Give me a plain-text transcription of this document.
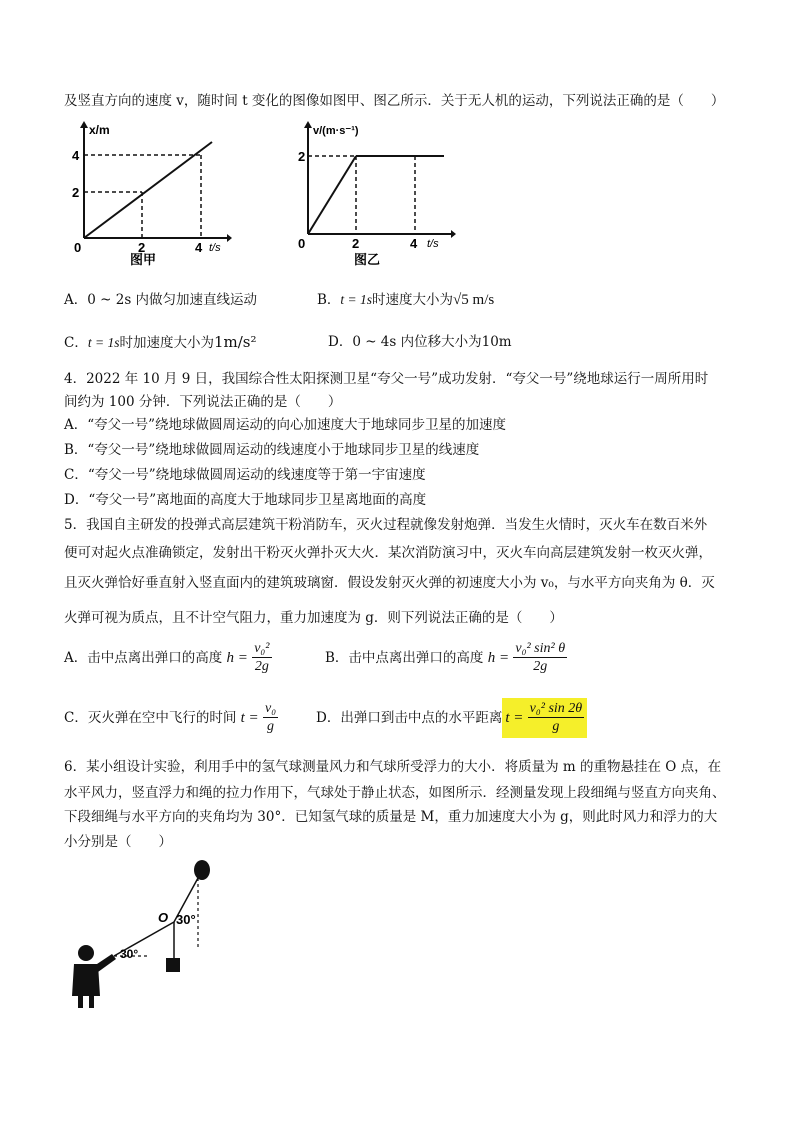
及竖直方向的速度 v，随时间 t 变化的图像如图甲、图乙所示．关于无人机的运动，下列说法正确的是（　　）
x/m
t/s
4
2
0	2	4
图甲
v/(m·s⁻¹)
t/s
2
0	2	4
图乙
A．0 ~ 2s 内做匀加速直线运动	B．t = 1s时速度大小为√5 m/s
C．t = 1s时加速度大小为1m/s²	D．0 ~ 4s 内位移大小为10m
4．2022 年 10 月 9 日，我国综合性太阳探测卫星“夸父一号”成功发射．“夸父一号”绕地球运行一周所用时
间约为 100 分钟．下列说法正确的是（　　）
A．“夸父一号”绕地球做圆周运动的向心加速度大于地球同步卫星的加速度
B．“夸父一号”绕地球做圆周运动的线速度小于地球同步卫星的线速度
C．“夸父一号”绕地球做圆周运动的线速度等于第一宇宙速度
D．“夸父一号”离地面的高度大于地球同步卫星离地面的高度
5．我国自主研发的投弹式高层建筑干粉消防车，灭火过程就像发射炮弹．当发生火情时，灭火车在数百米外
便可对起火点准确锁定，发射出干粉灭火弹扑灭大火．某次消防演习中，灭火车向高层建筑发射一枚灭火弹，
且灭火弹恰好垂直射入竖直面内的建筑玻璃窗．假设发射灭火弹的初速度大小为 v₀，与水平方向夹角为 θ．灭
火弹可视为质点，且不计空气阻力，重力加速度为 g．则下列说法正确的是（　　）
A．击中点离出弹口的高度 $h = \frac{\text{v₀²}}{2g}$	B．击中点离出弹口的高度 $h = \frac{\text{v₀² sin² θ}}{2g}$
C．灭火弹在空中飞行的时间 $t = \frac{\text{v₀}}{g}$	D．出弹口到击中点的水平距离 $t = \frac{\text{v₀² sin 2θ}}{g}$
6．某小组设计实验，利用手中的氢气球测量风力和气球所受浮力的大小．将质量为 m 的重物悬挂在 O 点，在
水平风力，竖直浮力和绳的拉力作用下，气球处于静止状态，如图所示．经测量发现上段细绳与竖直方向夹角、
下段细绳与水平方向的夹角均为 30°．已知氢气球的质量是 M，重力加速度大小为 g，则此时风力和浮力的大
小分别是（　　）
O 30°
30°
